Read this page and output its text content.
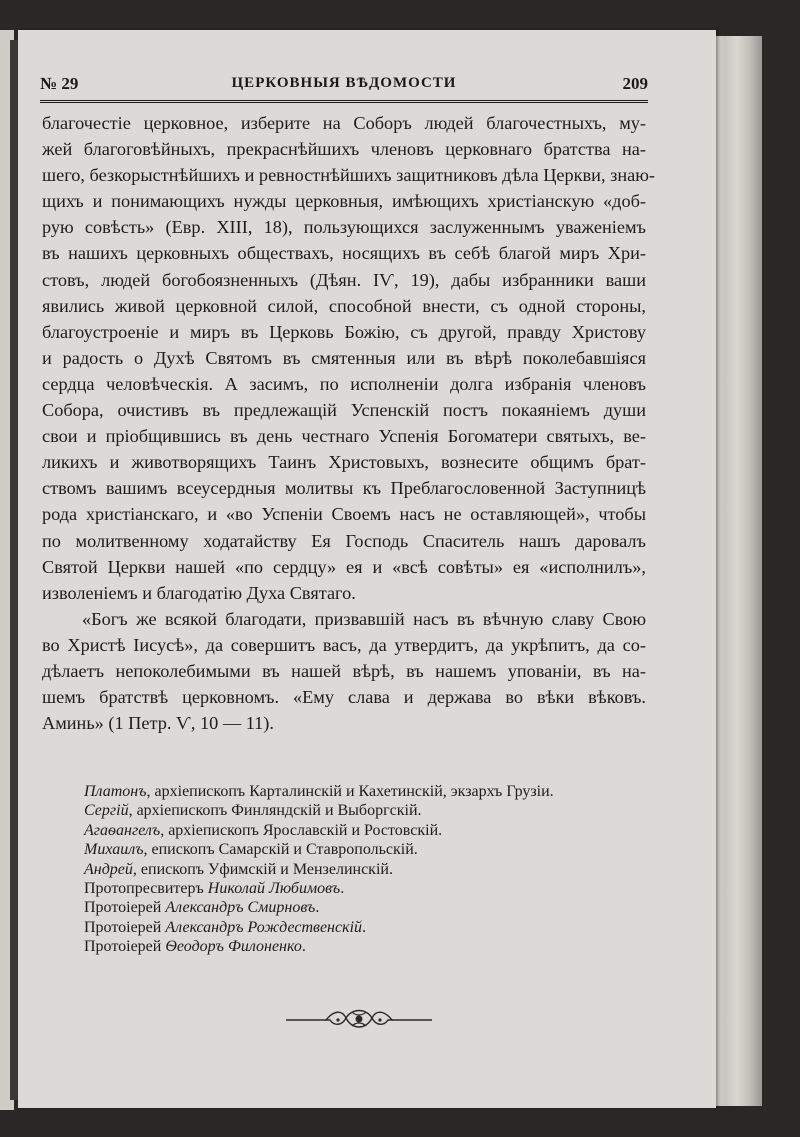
№ 29	ЦЕРКОВНЫЯ ВѢДОМОСТИ	209
благочестіе церковное, изберите на Соборъ людей благочестныхъ, му-
жей благоговѣйныхъ, прекраснѣйшихъ членовъ церковнаго братства на-
шего, безкорыстнѣйшихъ и ревностнѣйшихъ защитниковъ дѣла Церкви, знаю-
щихъ и понимающихъ нужды церковныя, имѣющихъ христіанскую «доб-
рую совѣсть» (Евр. XIII, 18), пользующихся заслуженнымъ уваженіемъ
въ нашихъ церковныхъ обществахъ, носящихъ въ себѣ благой миръ Хри-
стовъ, людей богобоязненныхъ (Дѣян. IѴ, 19), дабы избранники ваши
явились живой церковной силой, способной внести, съ одной стороны,
благоустроеніе и миръ въ Церковь Божію, съ другой, правду Христову
и радость о Духѣ Святомъ въ смятенныя или въ вѣрѣ поколебавшіяся
сердца человѣческія. А засимъ, по исполненіи долга избранія членовъ
Собора, очистивъ въ предлежащій Успенскій постъ покаяніемъ души
свои и пріобщившись въ день честнаго Успенія Богоматери святыхъ, ве-
ликихъ и животворящихъ Таинъ Христовыхъ, вознесите общимъ брат-
ствомъ вашимъ всеусердныя молитвы къ Преблагословенной Заступницѣ
рода христіанскаго, и «во Успеніи Своемъ насъ не оставляющей», чтобы
по молитвенному ходатайству Ея Господь Спаситель нашъ даровалъ
Святой Церкви нашей «по сердцу» ея и «всѣ совѣты» ея «исполнилъ»,
изволеніемъ и благодатію Духа Святаго.
«Богъ же всякой благодати, призвавшій насъ въ вѣчную славу Свою
во Христѣ Іисусѣ», да совершитъ васъ, да утвердитъ, да укрѣпитъ, да со-
дѣлаетъ непоколебимыми въ нашей вѣрѣ, въ нашемъ упованіи, въ на-
шемъ братствѣ церковномъ. «Ему слава и держава во вѣки вѣковъ.
Аминь» (1 Петр. Ѵ, 10 — 11).
Платонъ, архіепископъ Карталинскій и Кахетинскій, экзархъ Грузіи.
Сергій, архіепископъ Финляндскій и Выборгскій.
Агаѳангелъ, архіепископъ Ярославскій и Ростовскій.
Михаилъ, епископъ Самарскій и Ставропольскій.
Андрей, епископъ Уфимскій и Мензелинскій.
Протопресвитеръ Николай Любимовъ.
Протоіерей Александръ Смирновъ.
Протоіерей Александръ Рождественскій.
Протоіерей Ѳеодоръ Филоненко.
